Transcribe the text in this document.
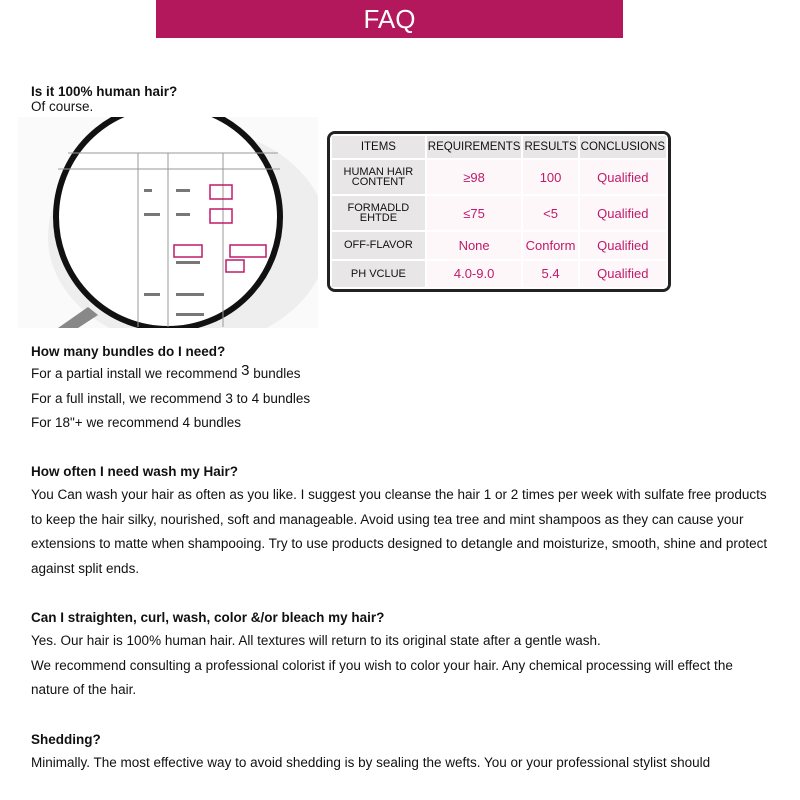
FAQ
Is it 100% human hair?
Of course.
ITEMS	REQUIREMENTS	RESULTS	CONCLUSIONS
HUMAN HAIR CONTENT	≥98	100	Qualified
FORMADLD EHTDE	≤75	<5	Qualified
OFF-FLAVOR	None	Conform	Qualified
PH VCLUE	4.0-9.0	5.4	Qualified
How many bundles do I need?
For a partial install we recommend 3 bundles
For a full install, we recommend 3 to 4 bundles
For 18"+ we recommend 4 bundles
How often I need wash my Hair?
You Can wash your hair as often as you like. I suggest you cleanse the hair 1 or 2 times per week with sulfate free products to keep the hair silky, nourished, soft and manageable. Avoid using tea tree and mint shampoos as they can cause your extensions to matte when shampooing. Try to use products designed to detangle and moisturize, smooth, shine and protect against split ends.
Can I straighten, curl, wash, color &/or bleach my hair?
Yes. Our hair is 100% human hair. All textures will return to its original state after a gentle wash.
We recommend consulting a professional colorist if you wish to color your hair. Any chemical processing will effect the nature of the hair.
Shedding?
Minimally. The most effective way to avoid shedding is by sealing the wefts. You or your professional stylist should
